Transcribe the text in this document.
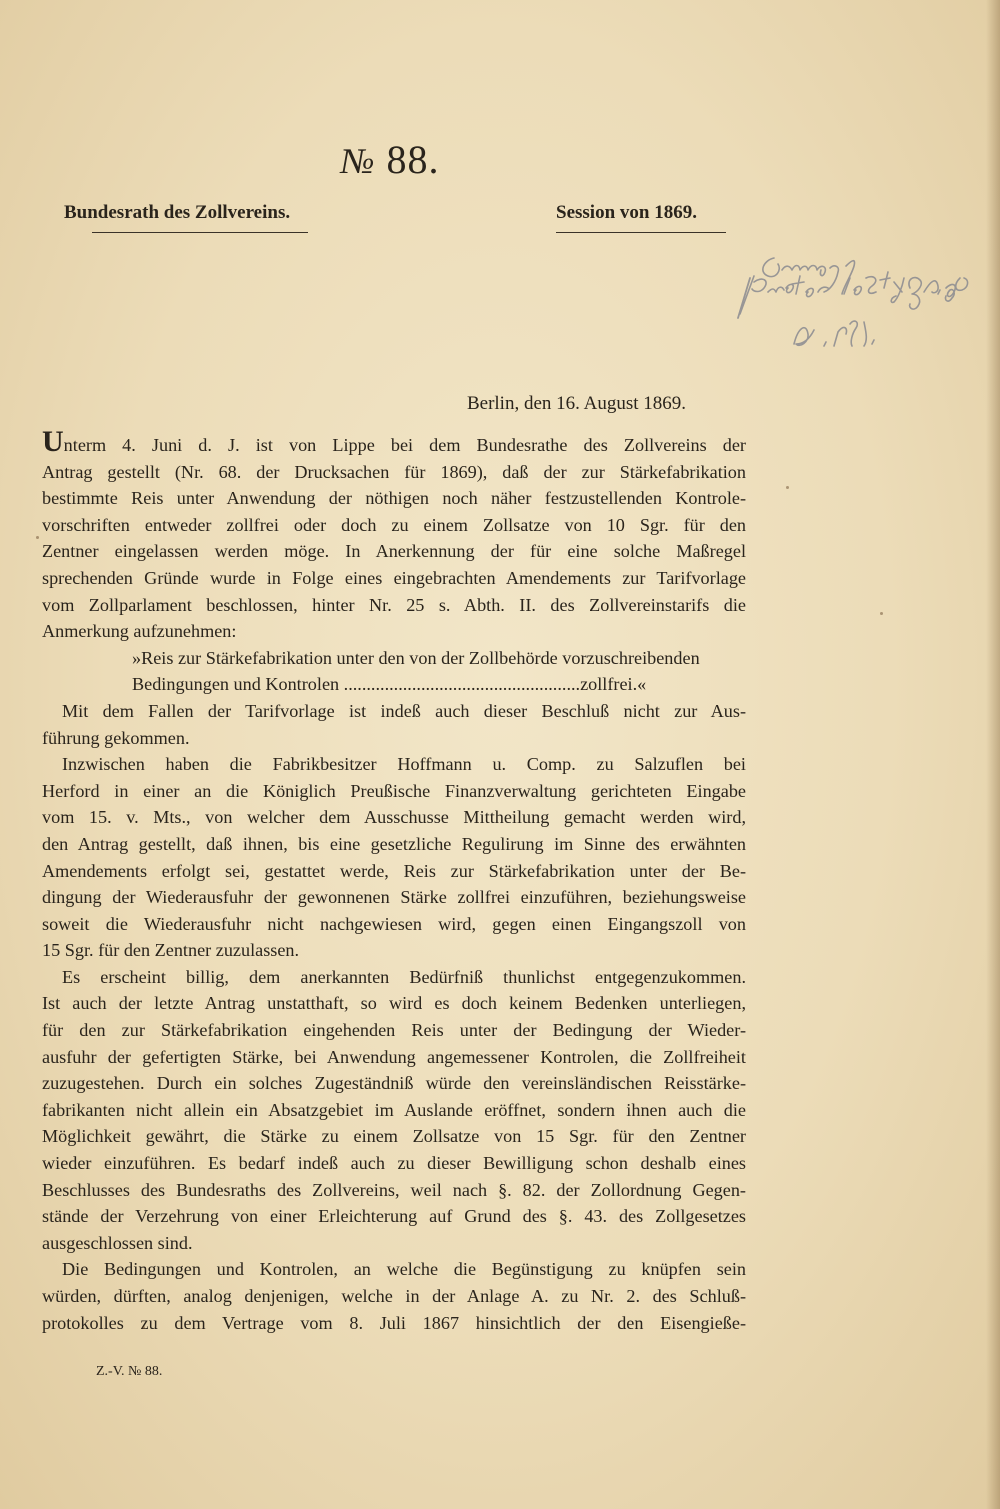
№ 88.
Bundesrath des Zollvereins.	Session von 1869.
Berlin, den 16. August 1869.
Unterm 4. Juni d. J. ist von Lippe bei dem Bundesrathe des Zollvereins der
Antrag gestellt (Nr. 68. der Drucksachen für 1869), daß der zur Stärkefabrikation
bestimmte Reis unter Anwendung der nöthigen noch näher festzustellenden Kontrole-
vorschriften entweder zollfrei oder doch zu einem Zollsatze von 10 Sgr. für den
Zentner eingelassen werden möge. In Anerkennung der für eine solche Maßregel
sprechenden Gründe wurde in Folge eines eingebrachten Amendements zur Tarifvorlage
vom Zollparlament beschlossen, hinter Nr. 25 s. Abth. II. des Zollvereinstarifs die
Anmerkung aufzunehmen:
»Reis zur Stärkefabrikation unter den von der Zollbehörde vorzuschreibenden
Bedingungen und Kontrolen ....................................................zollfrei.«
Mit dem Fallen der Tarifvorlage ist indeß auch dieser Beschluß nicht zur Aus-
führung gekommen.
Inzwischen haben die Fabrikbesitzer Hoffmann u. Comp. zu Salzuflen bei
Herford in einer an die Königlich Preußische Finanzverwaltung gerichteten Eingabe
vom 15. v. Mts., von welcher dem Ausschusse Mittheilung gemacht werden wird,
den Antrag gestellt, daß ihnen, bis eine gesetzliche Regulirung im Sinne des erwähnten
Amendements erfolgt sei, gestattet werde, Reis zur Stärkefabrikation unter der Be-
dingung der Wiederausfuhr der gewonnenen Stärke zollfrei einzuführen, beziehungsweise
soweit die Wiederausfuhr nicht nachgewiesen wird, gegen einen Eingangszoll von
15 Sgr. für den Zentner zuzulassen.
Es erscheint billig, dem anerkannten Bedürfniß thunlichst entgegenzukommen.
Ist auch der letzte Antrag unstatthaft, so wird es doch keinem Bedenken unterliegen,
für den zur Stärkefabrikation eingehenden Reis unter der Bedingung der Wieder-
ausfuhr der gefertigten Stärke, bei Anwendung angemessener Kontrolen, die Zollfreiheit
zuzugestehen. Durch ein solches Zugeständniß würde den vereinsländischen Reisstärke-
fabrikanten nicht allein ein Absatzgebiet im Auslande eröffnet, sondern ihnen auch die
Möglichkeit gewährt, die Stärke zu einem Zollsatze von 15 Sgr. für den Zentner
wieder einzuführen. Es bedarf indeß auch zu dieser Bewilligung schon deshalb eines
Beschlusses des Bundesraths des Zollvereins, weil nach §. 82. der Zollordnung Gegen-
stände der Verzehrung von einer Erleichterung auf Grund des §. 43. des Zollgesetzes
ausgeschlossen sind.
Die Bedingungen und Kontrolen, an welche die Begünstigung zu knüpfen sein
würden, dürften, analog denjenigen, welche in der Anlage A. zu Nr. 2. des Schluß-
protokolles zu dem Vertrage vom 8. Juli 1867 hinsichtlich der den Eisengieße-
Z.-V. № 88.
